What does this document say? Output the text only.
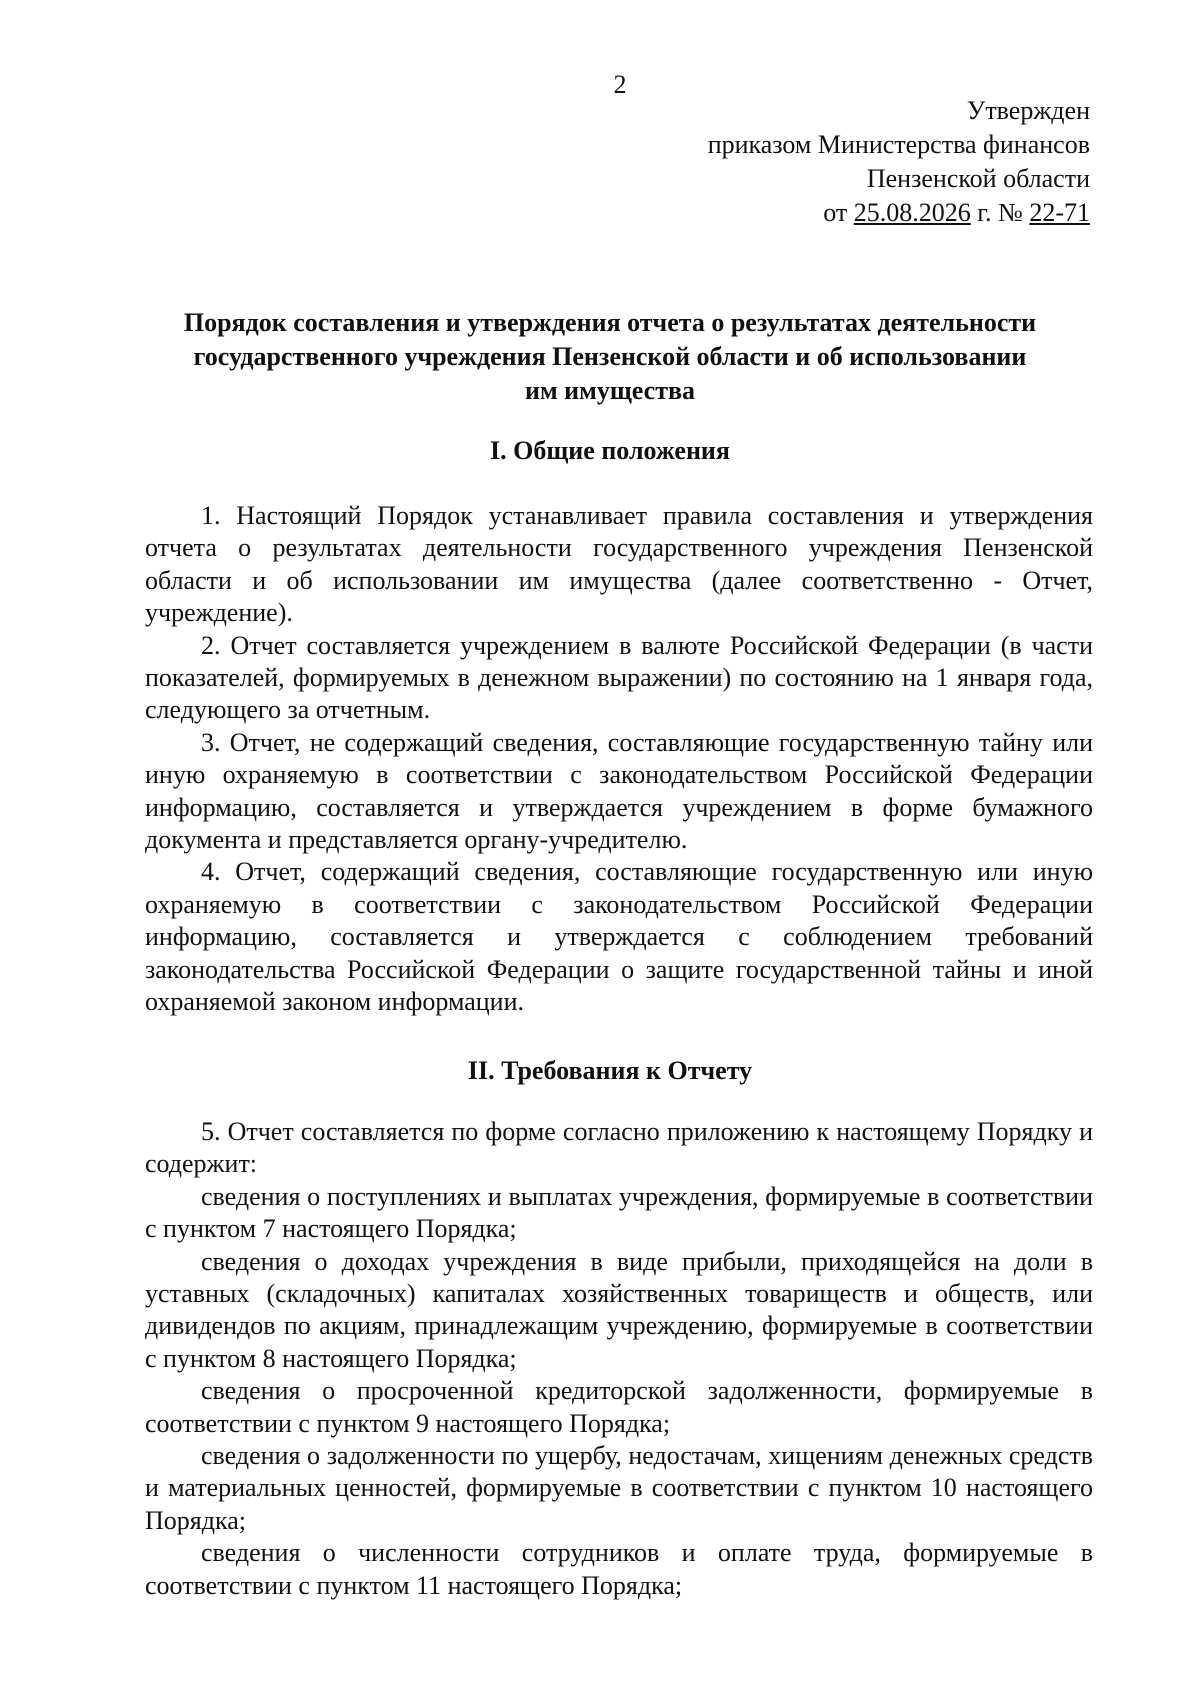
2
Утвержден
приказом Министерства финансов
Пензенской области
от 25.08.2026 г. № 22-71
Порядок составления и утверждения отчета о результатах деятельности
государственного учреждения Пензенской области и об использовании
им имущества
I. Общие положения

1. Настоящий Порядок устанавливает правила составления и утверждения отчета о результатах деятельности государственного учреждения Пензенской области и об использовании им имущества (далее соответственно - Отчет, учреждение).

2. Отчет составляется учреждением в валюте Российской Федерации (в части показателей, формируемых в денежном выражении) по состоянию на 1 января года, следующего за отчетным.

3. Отчет, не содержащий сведения, составляющие государственную тайну или иную охраняемую в соответствии с законодательством Российской Федерации информацию, составляется и утверждается учреждением в форме бумажного документа и представляется органу-учредителю.

4. Отчет, содержащий сведения, составляющие государственную или иную охраняемую в соответствии с законодательством Российской Федерации информацию, составляется и утверждается с соблюдением требований законодательства Российской Федерации о защите государственной тайны и иной охраняемой законом информации.

II. Требования к Отчету

5. Отчет составляется по форме согласно приложению к настоящему Порядку и содержит:

сведения о поступлениях и выплатах учреждения, формируемые в соответствии с пунктом 7 настоящего Порядка;

сведения о доходах учреждения в виде прибыли, приходящейся на доли в уставных (складочных) капиталах хозяйственных товариществ и обществ, или дивидендов по акциям, принадлежащим учреждению, формируемые в соответствии с пунктом 8 настоящего Порядка;

сведения о просроченной кредиторской задолженности, формируемые в соответствии с пунктом 9 настоящего Порядка;

сведения о задолженности по ущербу, недостачам, хищениям денежных средств и материальных ценностей, формируемые в соответствии с пунктом 10 настоящего Порядка;

сведения о численности сотрудников и оплате труда, формируемые в соответствии с пунктом 11 настоящего Порядка;
